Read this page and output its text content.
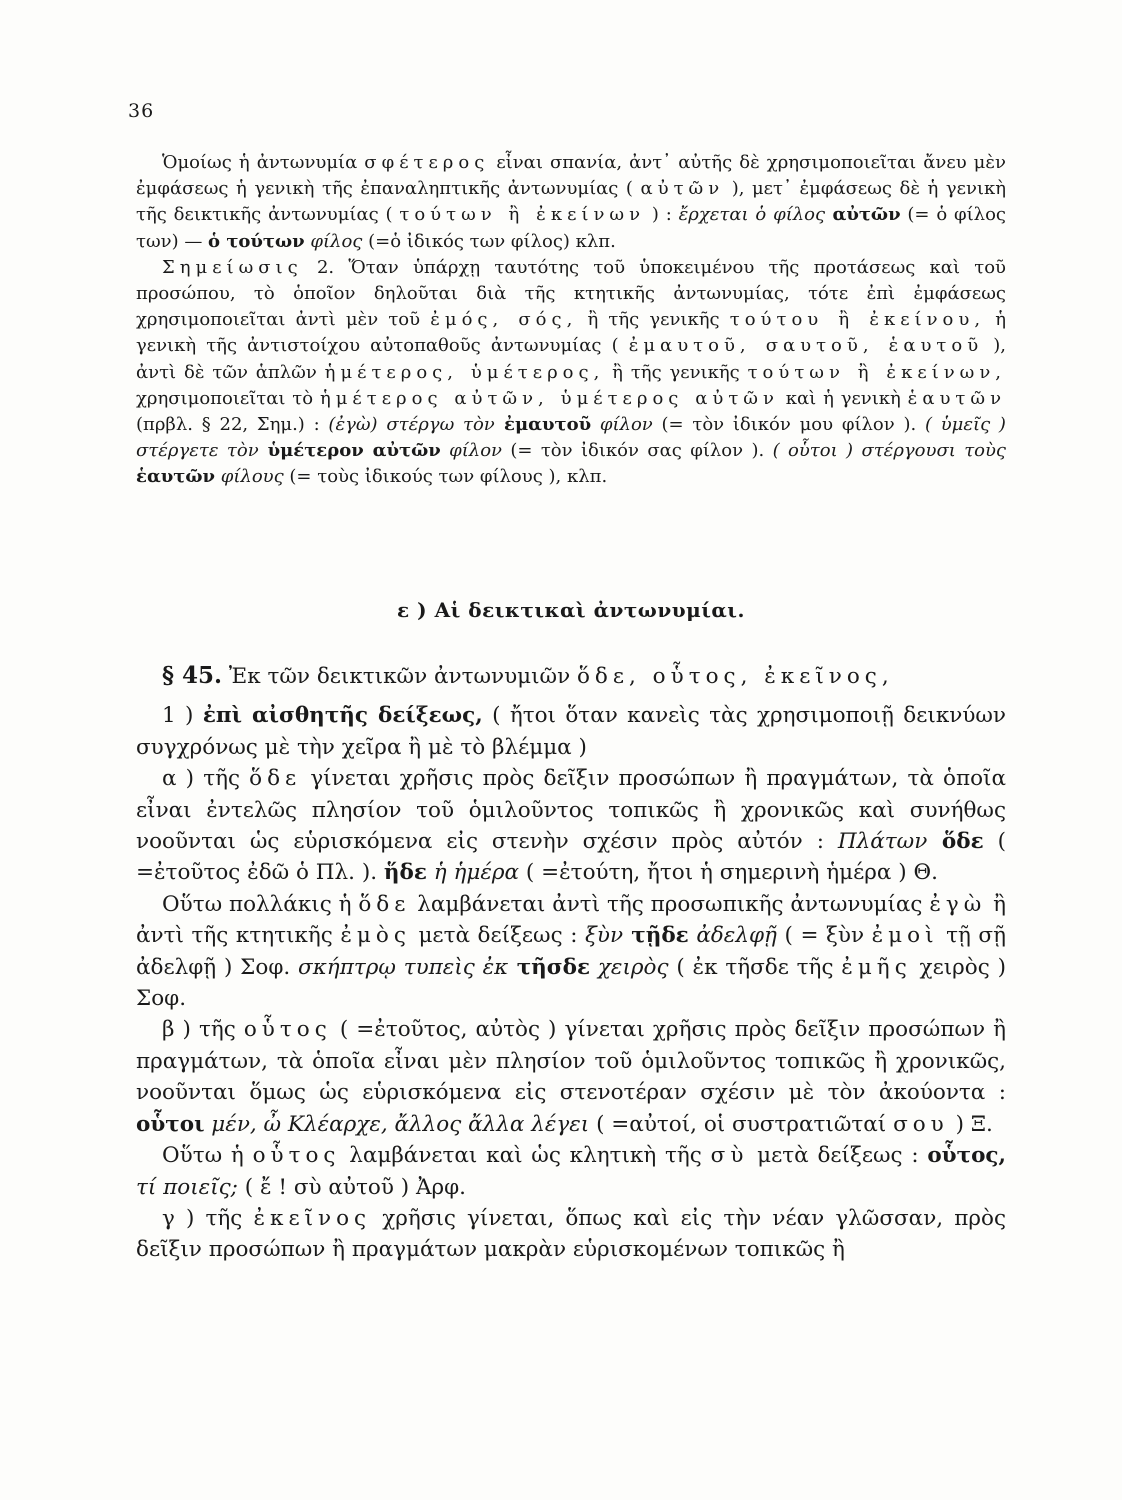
36

Ὁμοίως ἡ ἀντωνυμία σφέτερος εἶναι σπανία, ἀντ᾽ αὐτῆς δὲ χρησιμοποιεῖται ἄνευ μὲν ἐμφάσεως ἡ γενικὴ τῆς ἐπαναληπτικῆς ἀντωνυμίας ( αὐτῶν ), μετ᾽ ἐμφάσεως δὲ ἡ γενικὴ τῆς δεικτικῆς ἀντωνυμίας ( τούτων ἢ ἐκείνων ) : ἔρχεται ὁ φίλος αὐτῶν (= ὁ φίλος των) — ὁ τούτων φίλος (=ὁ ἰδικός των φίλος) κλπ.

Σημείωσις 2. Ὅταν ὑπάρχῃ ταυτότης τοῦ ὑποκειμένου τῆς προτάσεως καὶ τοῦ προσώπου, τὸ ὁποῖον δηλοῦται διὰ τῆς κτητικῆς ἀντωνυμίας, τότε ἐπὶ ἐμφάσεως χρησιμοποιεῖται ἀντὶ μὲν τοῦ ἐμός, σός, ἢ τῆς γενικῆς τούτου ἢ ἐκείνου, ἡ γενικὴ τῆς ἀντιστοίχου αὐτοπαθοῦς ἀντωνυμίας ( ἐμαυτοῦ, σαυτοῦ, ἑαυτοῦ ), ἀντὶ δὲ τῶν ἁπλῶν ἡμέτερος, ὑμέτερος, ἢ τῆς γενικῆς τούτων ἢ ἐκείνων, χρησιμοποιεῖται τὸ ἡμέτερος αὐτῶν, ὑμέτερος αὐτῶν καὶ ἡ γενικὴ ἑαυτῶν (πρβλ. § 22, Σημ.) : (ἐγὼ) στέργω τὸν ἐμαυτοῦ φίλον (= τὸν ἰδικόν μου φίλον ). ( ὑμεῖς ) στέργετε τὸν ὑμέτερον αὐτῶν φίλον (= τὸν ἰδικόν σας φίλον ). ( οὗτοι ) στέργουσι τοὺς ἑαυτῶν φίλους (= τοὺς ἰδικούς των φίλους ), κλπ.

ε ) Αἱ δεικτικαὶ ἀντωνυμίαι.

§ 45. Ἐκ τῶν δεικτικῶν ἀντωνυμιῶν ὅδε, οὗτος, ἐκεῖνος,

1 ) ἐπὶ αἰσθητῆς δείξεως, ( ἤτοι ὅταν κανεὶς τὰς χρησιμοποιῇ δεικνύων συγχρόνως μὲ τὴν χεῖρα ἢ μὲ τὸ βλέμμα )

α ) τῆς ὅδε γίνεται χρῆσις πρὸς δεῖξιν προσώπων ἢ πραγμάτων, τὰ ὁποῖα εἶναι ἐντελῶς πλησίον τοῦ ὁμιλοῦντος τοπικῶς ἢ χρονικῶς καὶ συνήθως νοοῦνται ὡς εὑρισκόμενα εἰς στενὴν σχέσιν πρὸς αὐτόν : Πλάτων ὅδε ( =ἐτοῦτος ἐδῶ ὁ Πλ. ). ἥδε ἡ ἡμέρα ( =ἐτούτη, ἤτοι ἡ σημερινὴ ἡμέρα ) Θ.

Οὕτω πολλάκις ἡ ὅδε λαμβάνεται ἀντὶ τῆς προσωπικῆς ἀντωνυμίας ἐγὼ ἢ ἀντὶ τῆς κτητικῆς ἐμὸς μετὰ δείξεως : ξὺν τῇδε ἀδελφῇ ( = ξὺν ἐμοὶ τῇ σῇ ἀδελφῇ ) Σοφ. σκήπτρῳ τυπεὶς ἐκ τῆσδε χειρὸς ( ἐκ τῆσδε τῆς ἐμῆς χειρὸς ) Σοφ.

β ) τῆς οὗτος ( =ἐτοῦτος, αὐτὸς ) γίνεται χρῆσις πρὸς δεῖξιν προσώπων ἢ πραγμάτων, τὰ ὁποῖα εἶναι μὲν πλησίον τοῦ ὁμιλοῦντος τοπικῶς ἢ χρονικῶς, νοοῦνται ὅμως ὡς εὑρισκόμενα εἰς στενοτέραν σχέσιν μὲ τὸν ἀκούοντα : οὗτοι μέν, ὦ Κλέαρχε, ἄλλος ἄλλα λέγει ( =αὐτοί, οἱ συστρατιῶταί σου ) Ξ.

Οὕτω ἡ οὗτος λαμβάνεται καὶ ὡς κλητικὴ τῆς σὺ μετὰ δείξεως : οὗτος, τί ποιεῖς; ( ἔ ! σὺ αὐτοῦ ) Ἀρφ.

γ ) τῆς ἐκεῖνος χρῆσις γίνεται, ὅπως καὶ εἰς τὴν νέαν γλῶσσαν, πρὸς δεῖξιν προσώπων ἢ πραγμάτων μακρὰν εὑρισκομένων τοπικῶς ἢ
